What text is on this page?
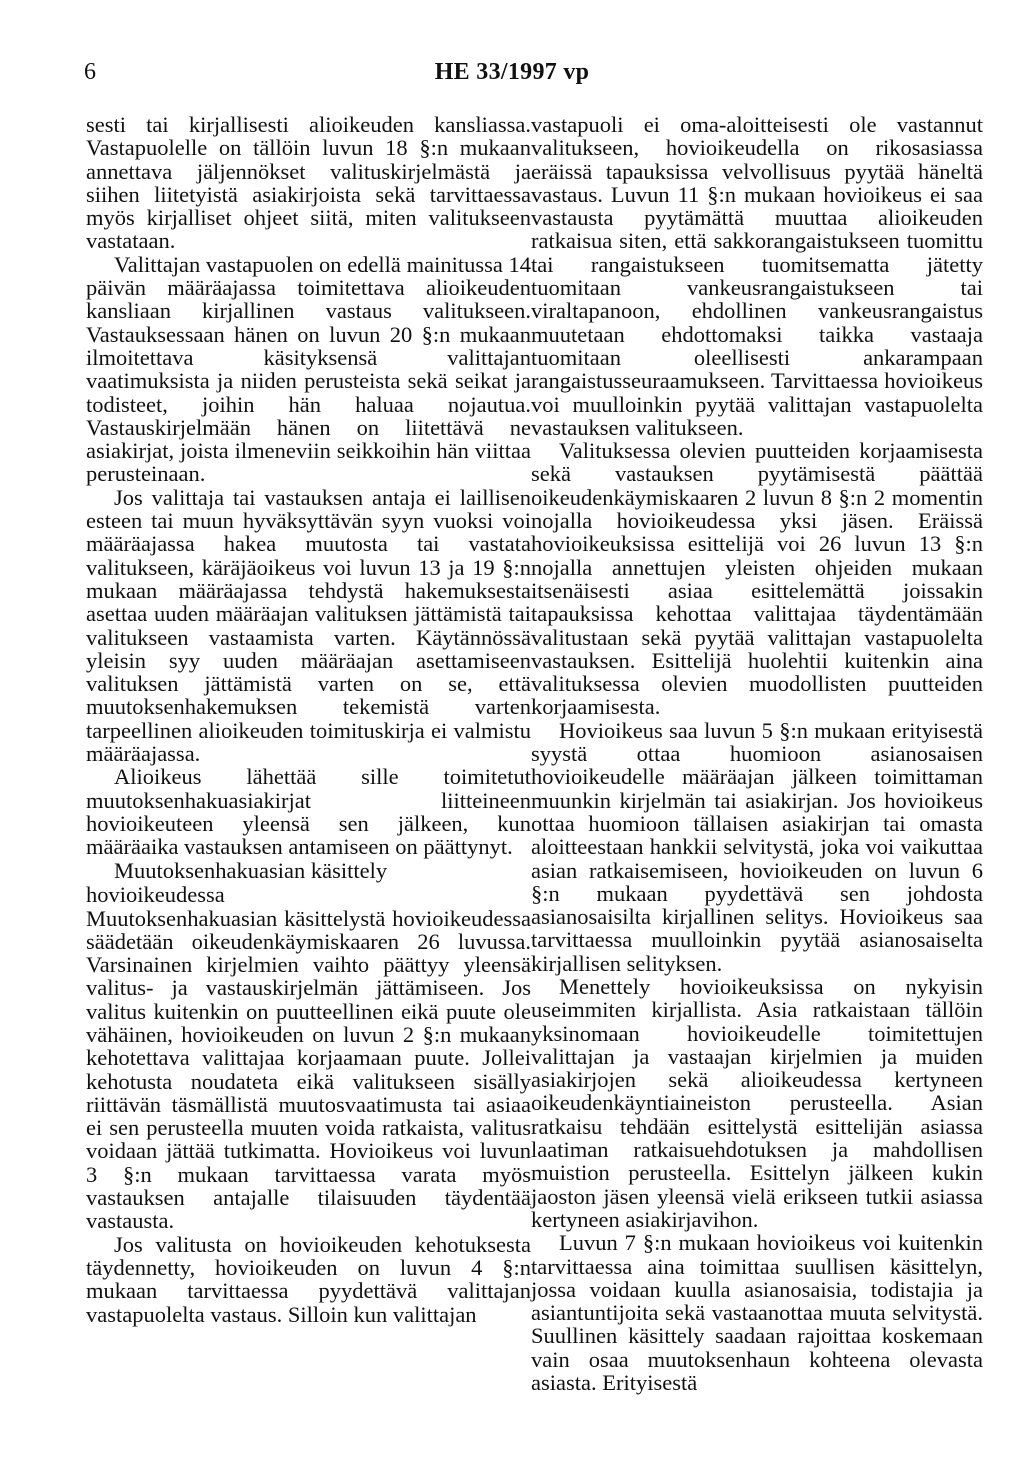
6	HE 33/1997 vp

sesti tai kirjallisesti alioikeuden kansliassa. Vastapuolelle on tällöin luvun 18 §:n mukaan annettava jäljennökset valituskirjelmästä ja siihen liitetyistä asiakirjoista sekä tarvittaessa myös kirjalliset ohjeet siitä, miten valitukseen vastataan.

Valittajan vastapuolen on edellä mainitussa 14 päivän määräajassa toimitettava alioikeuden kansliaan kirjallinen vastaus valitukseen. Vastauksessaan hänen on luvun 20 §:n mukaan ilmoitettava käsityksensä valittajan vaatimuksista ja niiden perusteista sekä seikat ja todisteet, joihin hän haluaa nojautua. Vastauskirjelmään hänen on liitettävä ne asiakirjat, joista ilmeneviin seikkoihin hän viittaa perusteinaan.

Jos valittaja tai vastauksen antaja ei laillisen esteen tai muun hyväksyttävän syyn vuoksi voi määräajassa hakea muutosta tai vastata valitukseen, käräjäoikeus voi luvun 13 ja 19 §:n mukaan määräajassa tehdystä hakemuksesta asettaa uuden määräajan valituksen jättämistä tai valitukseen vastaamista varten. Käytännössä yleisin syy uuden määräajan asettamiseen valituksen jättämistä varten on se, että muutoksenhakemuksen tekemistä varten tarpeellinen alioikeuden toimituskirja ei valmistu määräajassa.

Alioikeus lähettää sille toimitetut muutoksenhakuasiakirjat liitteineen hovioikeuteen yleensä sen jälkeen, kun määräaika vastauksen antamiseen on päättynyt.

Muutoksenhakuasian käsittely hovioikeudessa

Muutoksenhakuasian käsittelystä hovioikeudessa säädetään oikeudenkäymiskaaren 26 luvussa. Varsinainen kirjelmien vaihto päättyy yleensä valitus- ja vastauskirjelmän jättämiseen. Jos valitus kuitenkin on puutteellinen eikä puute ole vähäinen, hovioikeuden on luvun 2 §:n mukaan kehotettava valittajaa korjaamaan puute. Jollei kehotusta noudateta eikä valitukseen sisälly riittävän täsmällistä muutosvaatimusta tai asiaa ei sen perusteella muuten voida ratkaista, valitus voidaan jättää tutkimatta. Hovioikeus voi luvun 3 §:n mukaan tarvittaessa varata myös vastauksen antajalle tilaisuuden täydentää vastausta.

Jos valitusta on hovioikeuden kehotuksesta täydennetty, hovioikeuden on luvun 4 §:n mukaan tarvittaessa pyydettävä valittajan vastapuolelta vastaus. Silloin kun valittajan

vastapuoli ei oma-aloitteisesti ole vastannut valitukseen, hovioikeudella on rikosasiassa eräissä tapauksissa velvollisuus pyytää häneltä vastaus. Luvun 11 §:n mukaan hovioikeus ei saa vastausta pyytämättä muuttaa alioikeuden ratkaisua siten, että sakkorangaistukseen tuomittu tai rangaistukseen tuomitsematta jätetty tuomitaan vankeusrangaistukseen tai viraltapanoon, ehdollinen vankeusrangaistus muutetaan ehdottomaksi taikka vastaaja tuomitaan oleellisesti ankarampaan rangaistusseuraamukseen. Tarvittaessa hovioikeus voi muulloinkin pyytää valittajan vastapuolelta vastauksen valitukseen.

Valituksessa olevien puutteiden korjaamisesta sekä vastauksen pyytämisestä päättää oikeudenkäymiskaaren 2 luvun 8 §:n 2 momentin nojalla hovioikeudessa yksi jäsen. Eräissä hovioikeuksissa esittelijä voi 26 luvun 13 §:n nojalla annettujen yleisten ohjeiden mukaan itsenäisesti asiaa esittelemättä joissakin tapauksissa kehottaa valittajaa täydentämään valitustaan sekä pyytää valittajan vastapuolelta vastauksen. Esittelijä huolehtii kuitenkin aina valituksessa olevien muodollisten puutteiden korjaamisesta.

Hovioikeus saa luvun 5 §:n mukaan erityisestä syystä ottaa huomioon asianosaisen hovioikeudelle määräajan jälkeen toimittaman muunkin kirjelmän tai asiakirjan. Jos hovioikeus ottaa huomioon tällaisen asiakirjan tai omasta aloitteestaan hankkii selvitystä, joka voi vaikuttaa asian ratkaisemiseen, hovioikeuden on luvun 6 §:n mukaan pyydettävä sen johdosta asianosaisilta kirjallinen selitys. Hovioikeus saa tarvittaessa muulloinkin pyytää asianosaiselta kirjallisen selityksen.

Menettely hovioikeuksissa on nykyisin useimmiten kirjallista. Asia ratkaistaan tällöin yksinomaan hovioikeudelle toimitettujen valittajan ja vastaajan kirjelmien ja muiden asiakirjojen sekä alioikeudessa kertyneen oikeudenkäyntiaineiston perusteella. Asian ratkaisu tehdään esittelystä esittelijän asiassa laatiman ratkaisuehdotuksen ja mahdollisen muistion perusteella. Esittelyn jälkeen kukin jaoston jäsen yleensä vielä erikseen tutkii asiassa kertyneen asiakirjavihon.

Luvun 7 §:n mukaan hovioikeus voi kuitenkin tarvittaessa aina toimittaa suullisen käsittelyn, jossa voidaan kuulla asianosaisia, todistajia ja asiantuntijoita sekä vastaanottaa muuta selvitystä. Suullinen käsittely saadaan rajoittaa koskemaan vain osaa muutoksenhaun kohteena olevasta asiasta. Erityisestä
